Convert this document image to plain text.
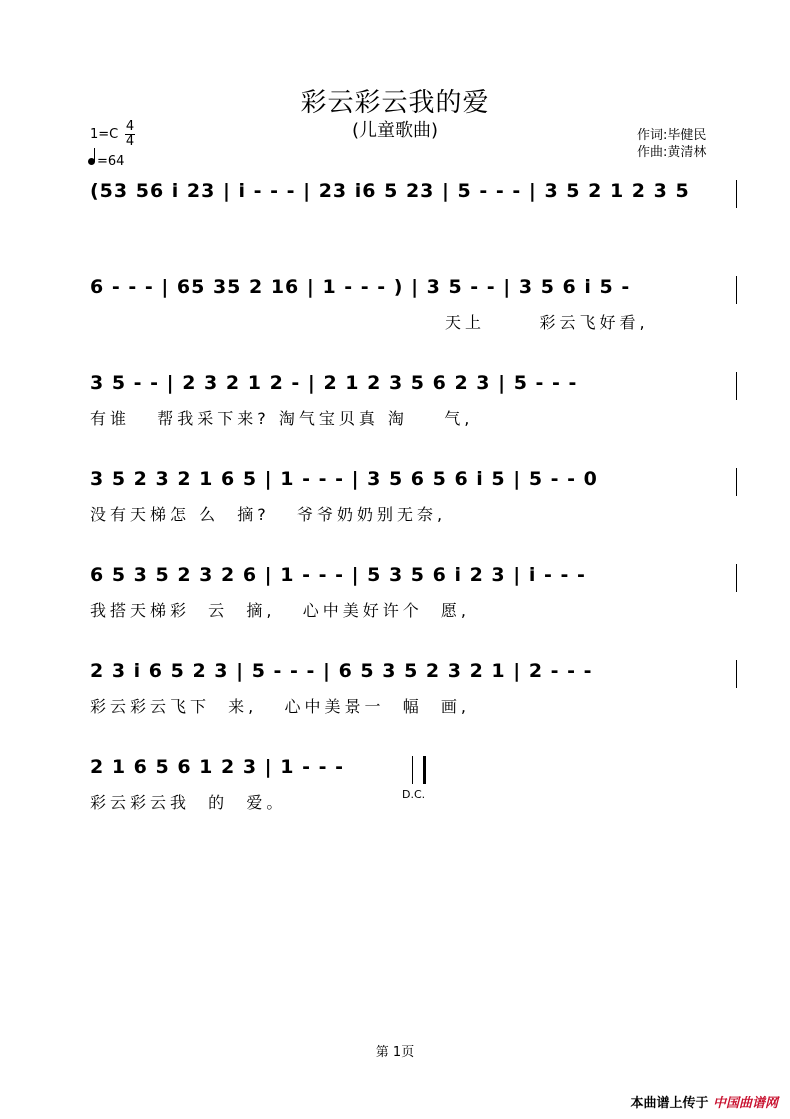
彩云彩云我的爱
(儿童歌曲)
1=C
4
4
=64
作词:毕健民
作曲:黄清林
(53 56 i 23 | i - - - | 23 i6 5 23 | 5 - - - | 3 5 2 1 2 3 5
6 - - - | 65 35 2 16 | 1 - - - ) | 3 5 - - | 3 5 6 i 5 -
天上      彩云飞好看,
3 5 - - | 2 3 2 1 2 - | 2 1 2 3 5 6 2 3 | 5 - - -
有谁   帮我采下来? 淘气宝贝真 淘    气,
3 5 2 3 2 1 6 5 | 1 - - - | 3 5 6 5 6 i 5 | 5 - - 0
没有天梯怎 么  摘?   爷爷奶奶别无奈,
6 5 3 5 2 3 2 6 | 1 - - - | 5 3 5 6 i 2 3 | i - - -
我搭天梯彩  云  摘,   心中美好许个  愿,
2 3 i 6 5 2 3 | 5 - - - | 6 5 3 5 2 3 2 1 | 2 - - -
彩云彩云飞下  来,   心中美景一  幅  画,
2 1 6 5 6 1 2 3 | 1 - - -
彩云彩云我  的  爱。	D.C.
第 1页
本曲谱上传于 中国曲谱网
